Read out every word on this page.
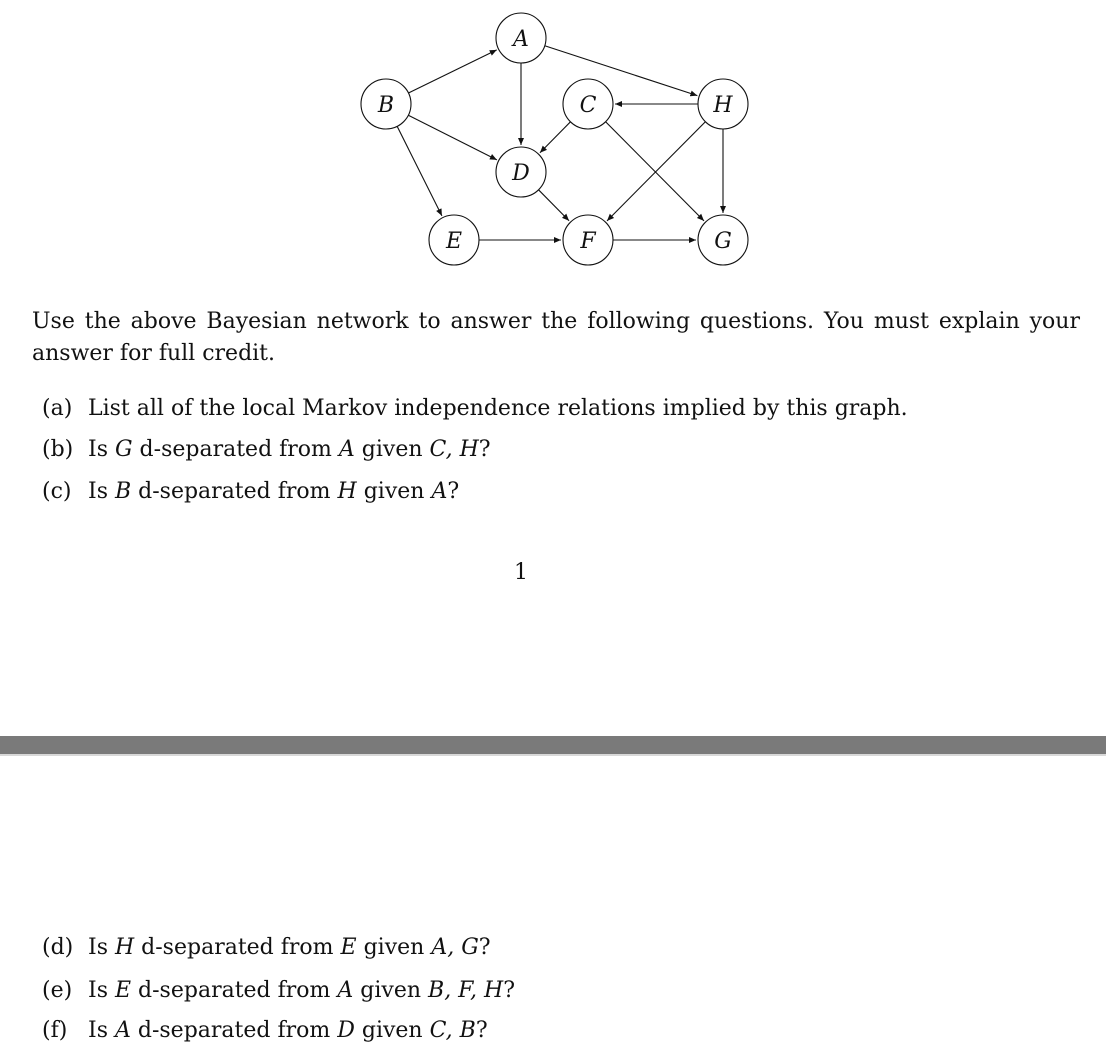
A
B	C
D
E	F	G
H
Use the above Bayesian network to answer the following questions. You must explain your answer for full credit.
(a) List all of the local Markov independence relations implied by this graph.
(b) Is G d-separated from A given C, H?
(c) Is B d-separated from H given A?
1
(d) Is H d-separated from E given A, G?
(e) Is E d-separated from A given B, F, H?
(f) Is A d-separated from D given C, B?
